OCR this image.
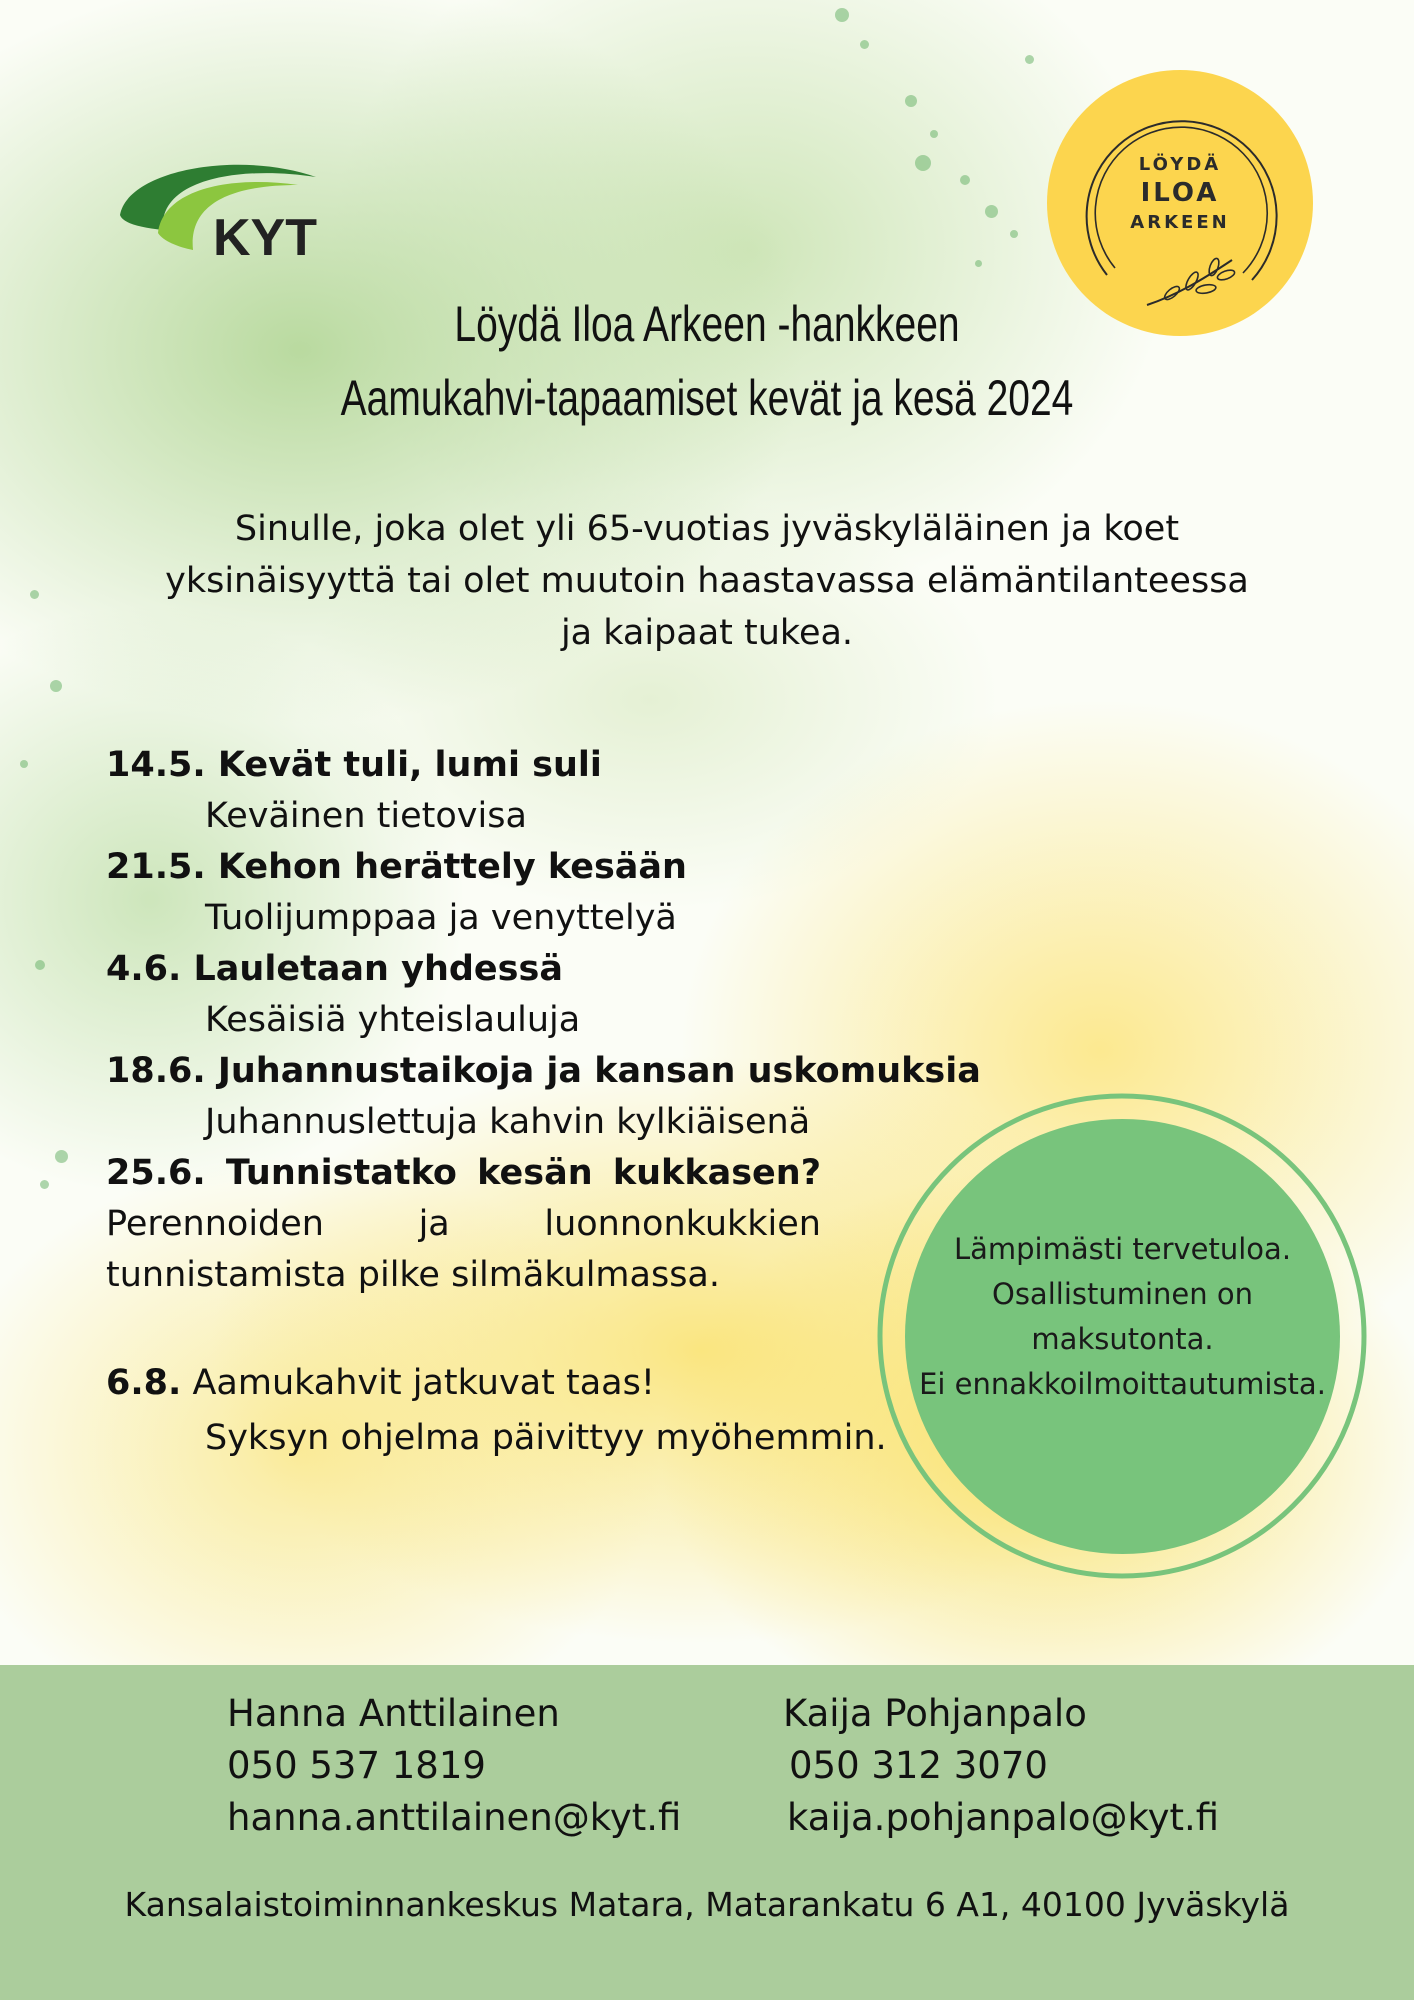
KYT
LÖYDÄ
ILOA
ARKEEN
Löydä Iloa Arkeen -hankkeen
Aamukahvi-tapaamiset kevät ja kesä 2024
Sinulle, joka olet yli 65-vuotias jyväskyläläinen ja koet
yksinäisyyttä tai olet muutoin haastavassa elämäntilanteessa
ja kaipaat tukea.
14.5. Kevät tuli, lumi suli
Keväinen tietovisa
21.5. Kehon herättely kesään
Tuolijumppaa ja venyttelyä
4.6. Lauletaan yhdessä
Kesäisiä yhteislauluja
18.6. Juhannustaikoja ja kansan uskomuksia
Juhannuslettuja kahvin kylkiäisenä
25.6. Tunnistatko kesän kukkasen?
Perennoiden ja luonnonkukkien
tunnistamista pilke silmäkulmassa.
6.8. Aamukahvit jatkuvat taas!
Syksyn ohjelma päivittyy myöhemmin.
Lämpimästi tervetuloa.
Osallistuminen on
maksutonta.
Ei ennakkoilmoittautumista.
Hanna Anttilainen
050 537 1819
hanna.anttilainen@kyt.fi
Kaija Pohjanpalo
050 312 3070
kaija.pohjanpalo@kyt.fi
Kansalaistoiminnankeskus Matara, Matarankatu 6 A1, 40100 Jyväskylä
